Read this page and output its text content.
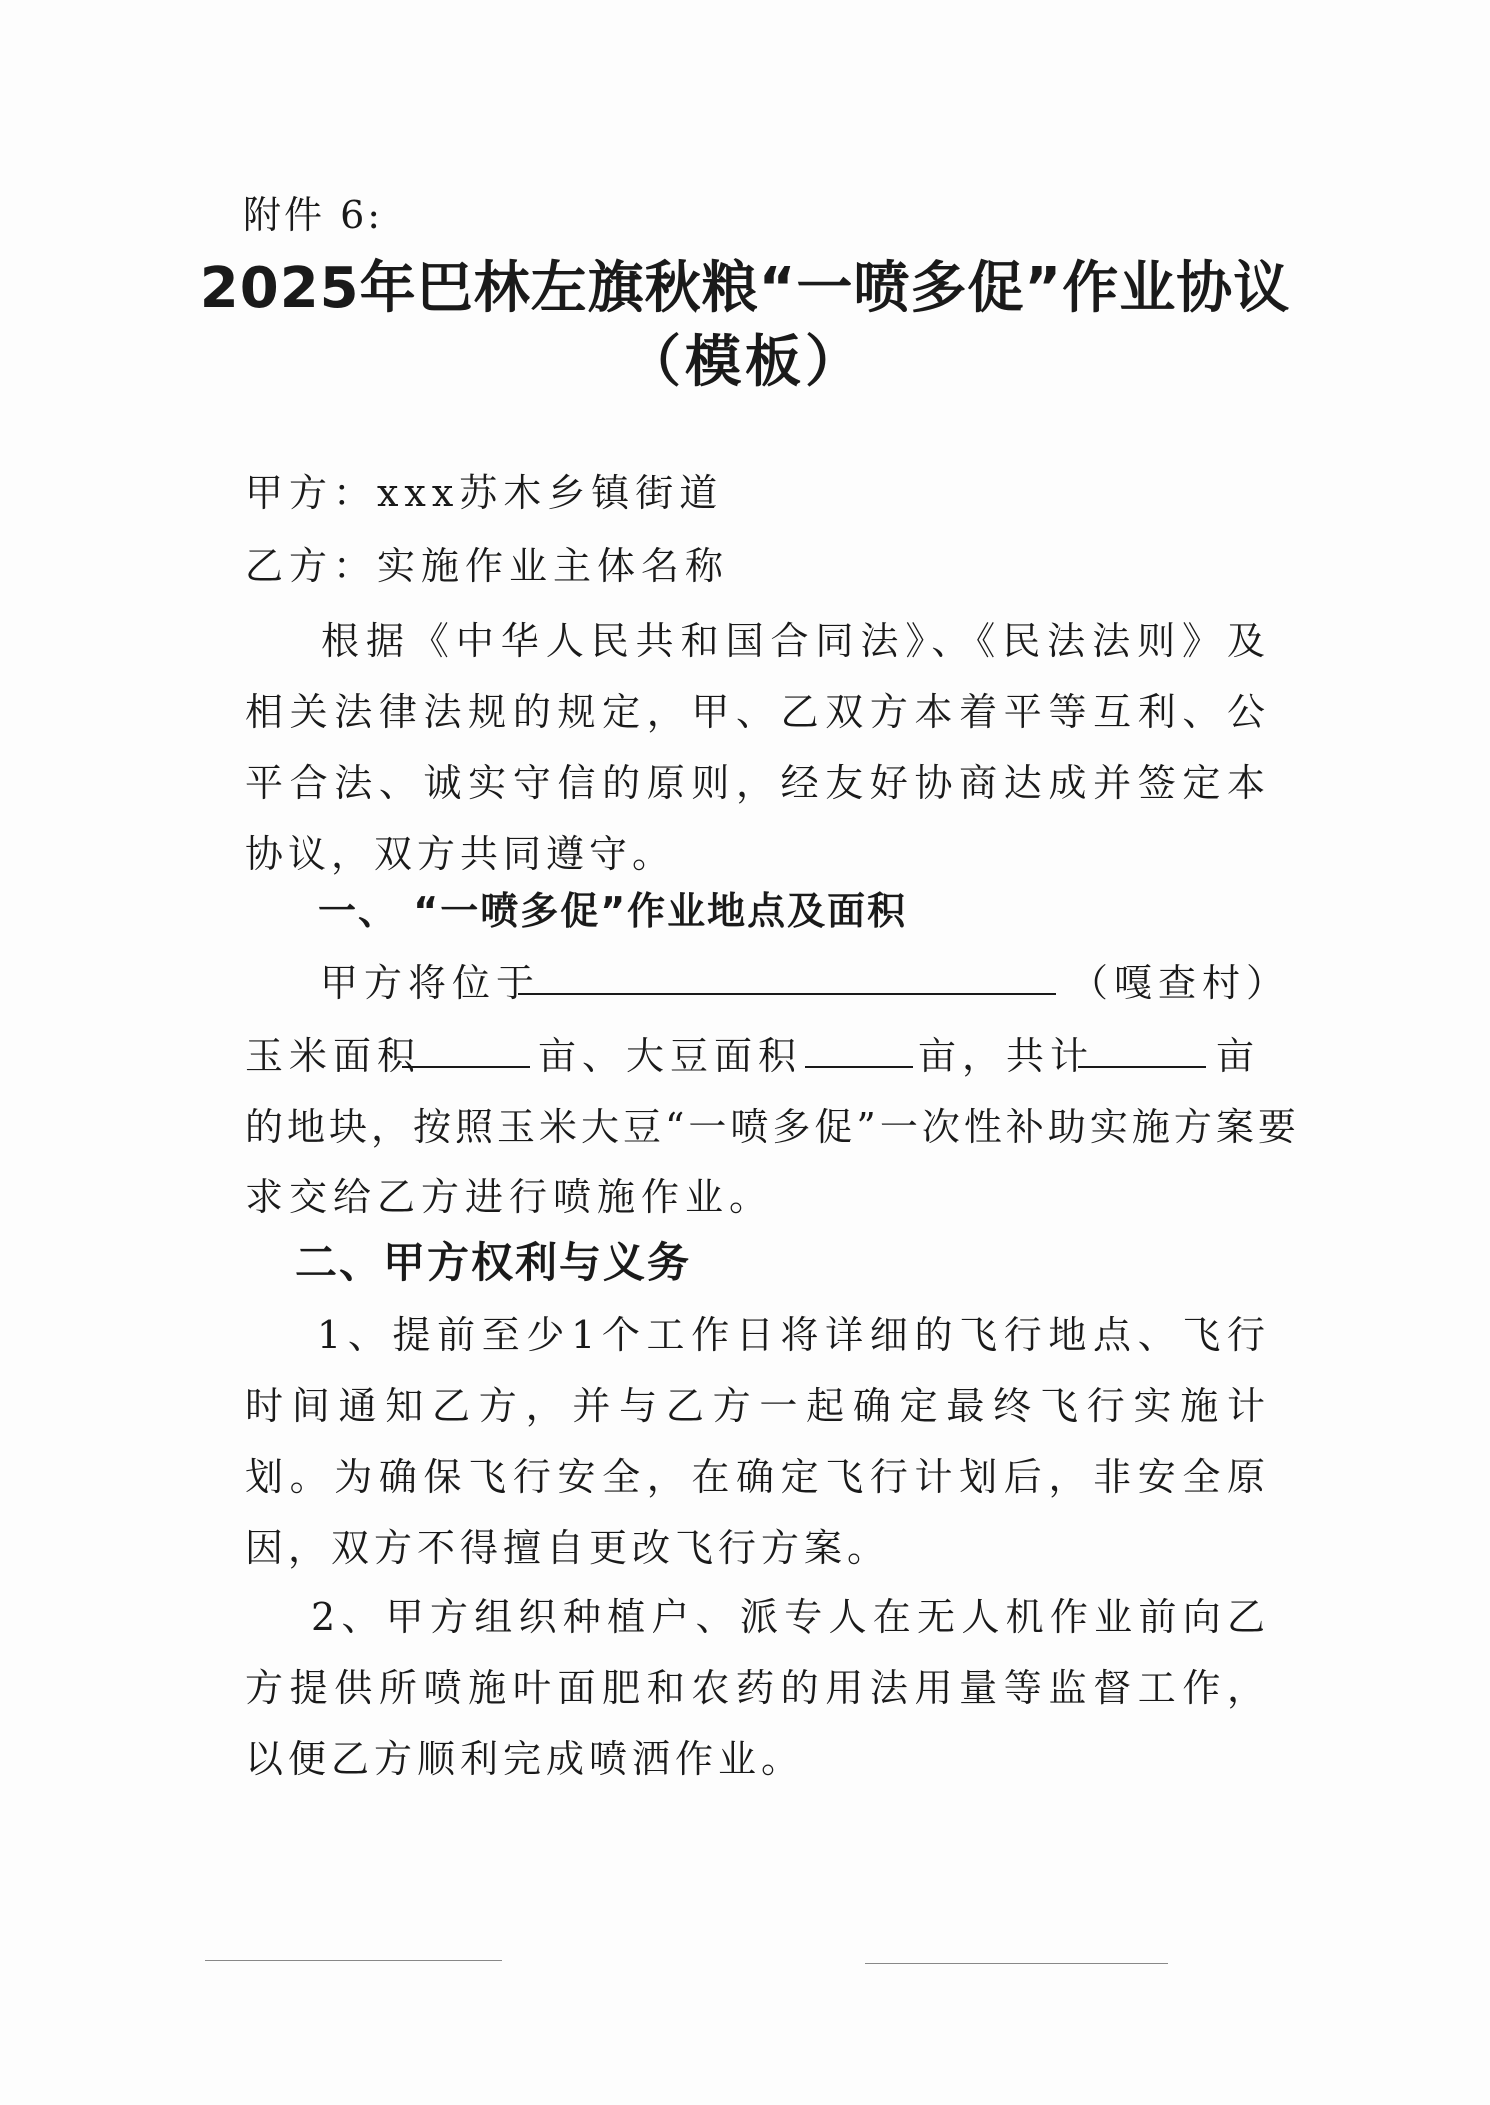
附件 6:
2025年巴林左旗秋粮“一喷多促”作业协议
（模板）
甲方：xxx苏木乡镇街道
乙方：实施作业主体名称
根据《中华人民共和国合同法》、《民法法则》及相关法律法规的规定，甲、乙双方本着平等互利、公平合法、诚实守信的原则，经友好协商达成并签定本协议，双方共同遵守。
一、 “一喷多促”作业地点及面积
甲方将位于	（嘎查村）
玉米面积	亩、大豆面积	亩，共计	亩
的地块，按照玉米大豆“一喷多促”一次性补助实施方案要
求交给乙方进行喷施作业。
二、甲方权利与义务
1、提前至少1个工作日将详细的飞行地点、飞行时间通知乙方，并与乙方一起确定最终飞行实施计划。为确保飞行安全，在确定飞行计划后，非安全原因，双方不得擅自更改飞行方案。
2、甲方组织种植户、派专人在无人机作业前向乙方提供所喷施叶面肥和农药的用法用量等监督工作，以便乙方顺利完成喷洒作业。
